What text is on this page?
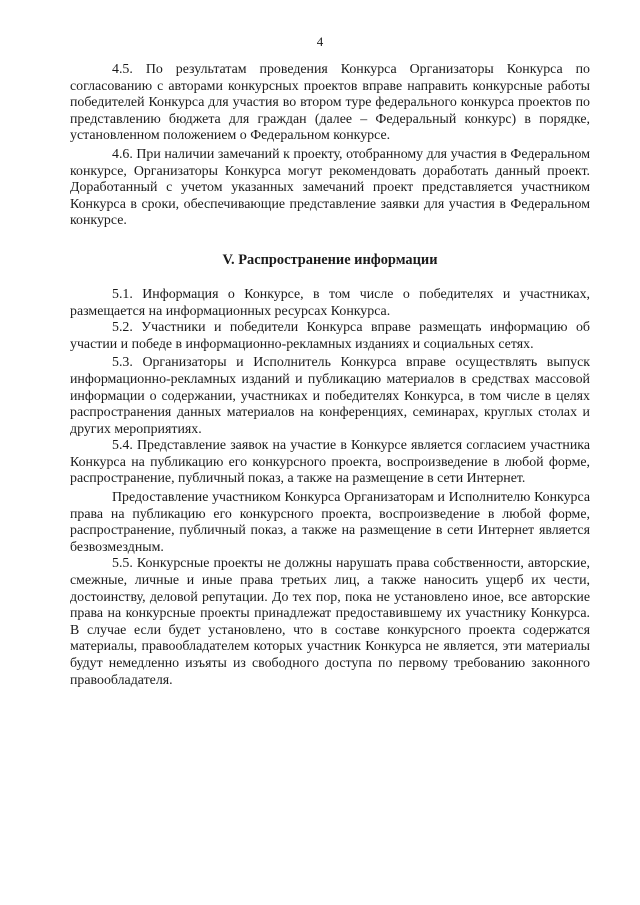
4

4.5. По результатам проведения Конкурса Организаторы Конкурса по согласованию с авторами конкурсных проектов вправе направить конкурсные работы победителей Конкурса для участия во втором туре федерального конкурса проектов по представлению бюджета для граждан (далее – Федеральный конкурс) в порядке, установленном положением о Федеральном конкурсе.

4.6. При наличии замечаний к проекту, отобранному для участия в Федеральном конкурсе, Организаторы Конкурса могут рекомендовать доработать данный проект. Доработанный с учетом указанных замечаний проект представляется участником Конкурса в сроки, обеспечивающие представление заявки для участия в Федеральном конкурсе.

V. Распространение информации

5.1. Информация о Конкурсе, в том числе о победителях и участниках, размещается на информационных ресурсах Конкурса.

5.2. Участники и победители Конкурса вправе размещать информацию об участии и победе в информационно-рекламных изданиях и социальных сетях.

5.3. Организаторы и Исполнитель Конкурса вправе осуществлять выпуск информационно-рекламных изданий и публикацию материалов в средствах массовой информации о содержании, участниках и победителях Конкурса, в том числе в целях распространения данных материалов на конференциях, семинарах, круглых столах и других мероприятиях.

5.4. Представление заявок на участие в Конкурсе является согласием участника Конкурса на публикацию его конкурсного проекта, воспроизведение в любой форме, распространение, публичный показ, а также на размещение в сети Интернет.

Предоставление участником Конкурса Организаторам и Исполнителю Конкурса права на публикацию его конкурсного проекта, воспроизведение в любой форме, распространение, публичный показ, а также на размещение в сети Интернет является безвозмездным.

5.5. Конкурсные проекты не должны нарушать права собственности, авторские, смежные, личные и иные права третьих лиц, а также наносить ущерб их чести, достоинству, деловой репутации. До тех пор, пока не установлено иное, все авторские права на конкурсные проекты принадлежат предоставившему их участнику Конкурса. В случае если будет установлено, что в составе конкурсного проекта содержатся материалы, правообладателем которых участник Конкурса не является, эти материалы будут немедленно изъяты из свободного доступа по первому требованию законного правообладателя.
